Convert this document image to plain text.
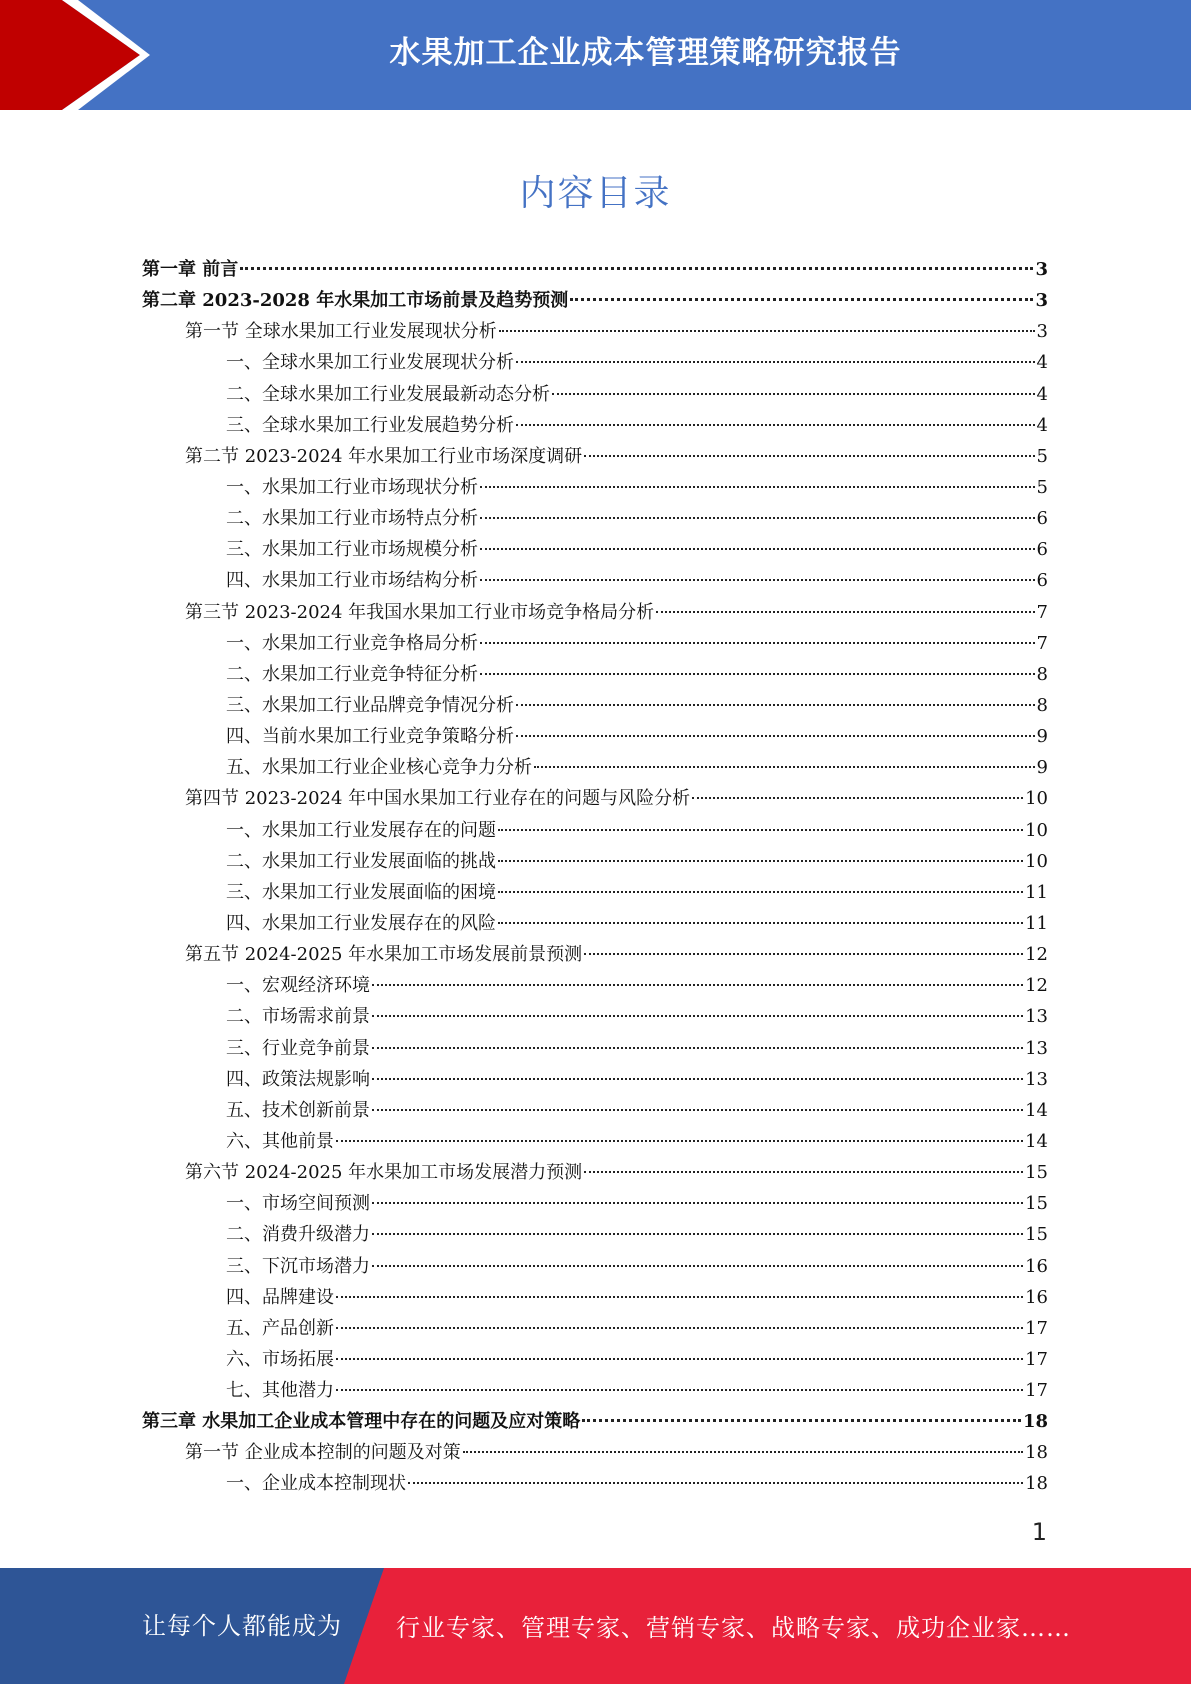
水果加工企业成本管理策略研究报告
内容目录
第一章 前言	3
第二章 2023-2028 年水果加工市场前景及趋势预测	3
第一节 全球水果加工行业发展现状分析	3
一、全球水果加工行业发展现状分析	4
二、全球水果加工行业发展最新动态分析	4
三、全球水果加工行业发展趋势分析	4
第二节 2023-2024 年水果加工行业市场深度调研	5
一、水果加工行业市场现状分析	5
二、水果加工行业市场特点分析	6
三、水果加工行业市场规模分析	6
四、水果加工行业市场结构分析	6
第三节 2023-2024 年我国水果加工行业市场竞争格局分析	7
一、水果加工行业竞争格局分析	7
二、水果加工行业竞争特征分析	8
三、水果加工行业品牌竞争情况分析	8
四、当前水果加工行业竞争策略分析	9
五、水果加工行业企业核心竞争力分析	9
第四节 2023-2024 年中国水果加工行业存在的问题与风险分析	10
一、水果加工行业发展存在的问题	10
二、水果加工行业发展面临的挑战	10
三、水果加工行业发展面临的困境	11
四、水果加工行业发展存在的风险	11
第五节 2024-2025 年水果加工市场发展前景预测	12
一、宏观经济环境	12
二、市场需求前景	13
三、行业竞争前景	13
四、政策法规影响	13
五、技术创新前景	14
六、其他前景	14
第六节 2024-2025 年水果加工市场发展潜力预测	15
一、市场空间预测	15
二、消费升级潜力	15
三、下沉市场潜力	16
四、品牌建设	16
五、产品创新	17
六、市场拓展	17
七、其他潜力	17
第三章 水果加工企业成本管理中存在的问题及应对策略	18
第一节 企业成本控制的问题及对策	18
一、企业成本控制现状	18
1
让每个人都能成为 行业专家、管理专家、营销专家、战略专家、成功企业家……
